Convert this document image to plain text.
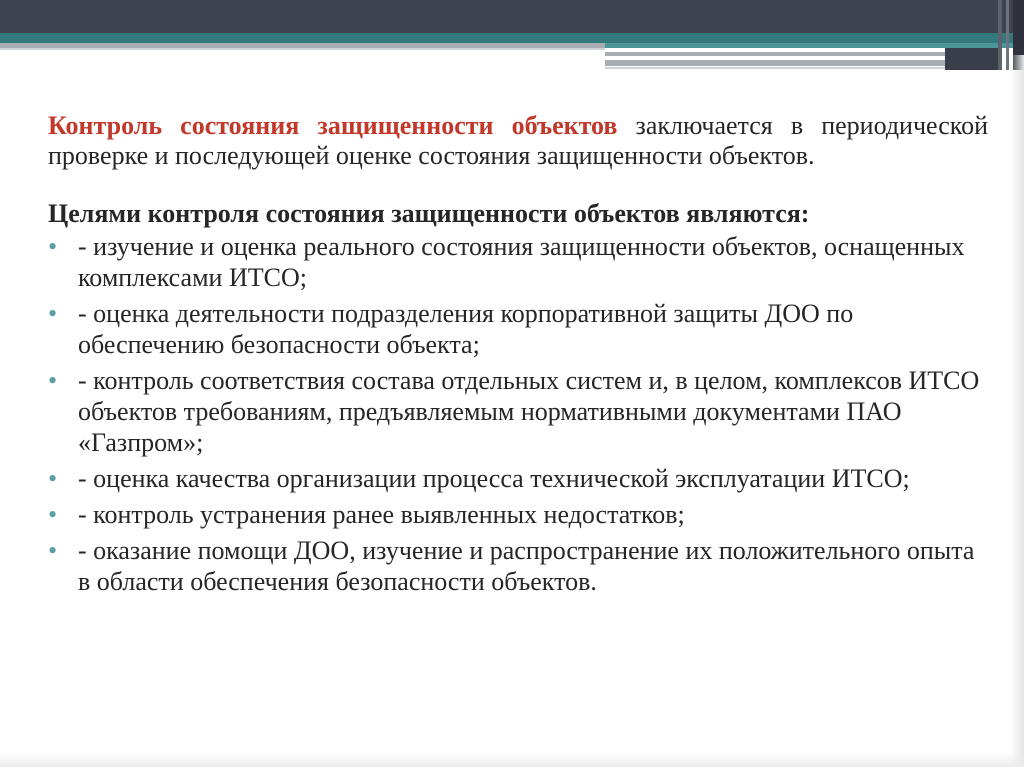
Контроль состояния защищенности объектов заключается в периодической проверке и последующей оценке состояния защищенности объектов.

Целями контроля состояния защищенности объектов являются:
• - изучение и оценка реального состояния защищенности объектов, оснащенных комплексами ИТСО;
• - оценка деятельности подразделения корпоративной защиты ДОО по обеспечению безопасности объекта;
• - контроль соответствия состава отдельных систем и, в целом, комплексов ИТСО объектов требованиям, предъявляемым нормативными документами ПАО «Газпром»;
• - оценка качества организации процесса технической эксплуатации ИТСО;
• - контроль устранения ранее выявленных недостатков;
• - оказание помощи ДОО, изучение и распространение их положительного опыта в области обеспечения безопасности объектов.
